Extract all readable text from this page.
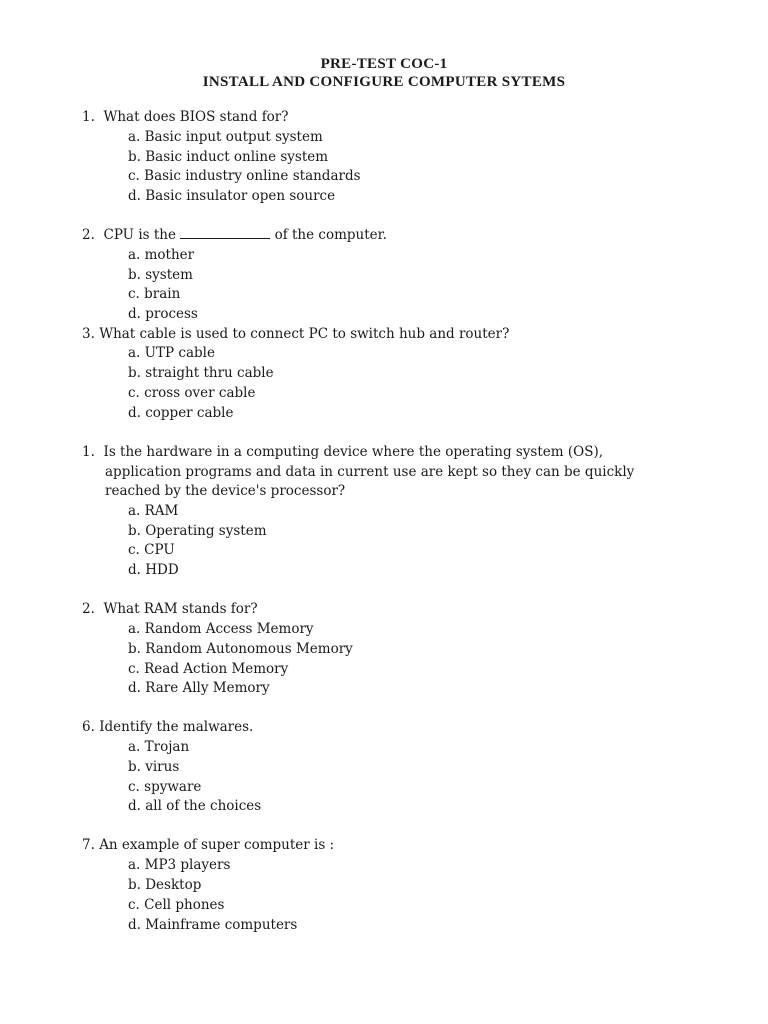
PRE-TEST COC-1
INSTALL AND CONFIGURE COMPUTER SYTEMS
1. What does BIOS stand for?
a. Basic input output system
b. Basic induct online system
c. Basic industry online standards
d. Basic insulator open source
2. CPU is the	of the computer.
a. mother
b. system
c. brain
d. process
3. What cable is used to connect PC to switch hub and router?
a. UTP cable
b. straight thru cable
c. cross over cable
d. copper cable
1. Is the hardware in a computing device where the operating system (OS),
application programs and data in current use are kept so they can be quickly
reached by the device's processor?
a. RAM
b. Operating system
c. CPU
d. HDD
2. What RAM stands for?
a. Random Access Memory
b. Random Autonomous Memory
c. Read Action Memory
d. Rare Ally Memory
6. Identify the malwares.
a. Trojan
b. virus
c. spyware
d. all of the choices
7. An example of super computer is :
a. MP3 players
b. Desktop
c. Cell phones
d. Mainframe computers
